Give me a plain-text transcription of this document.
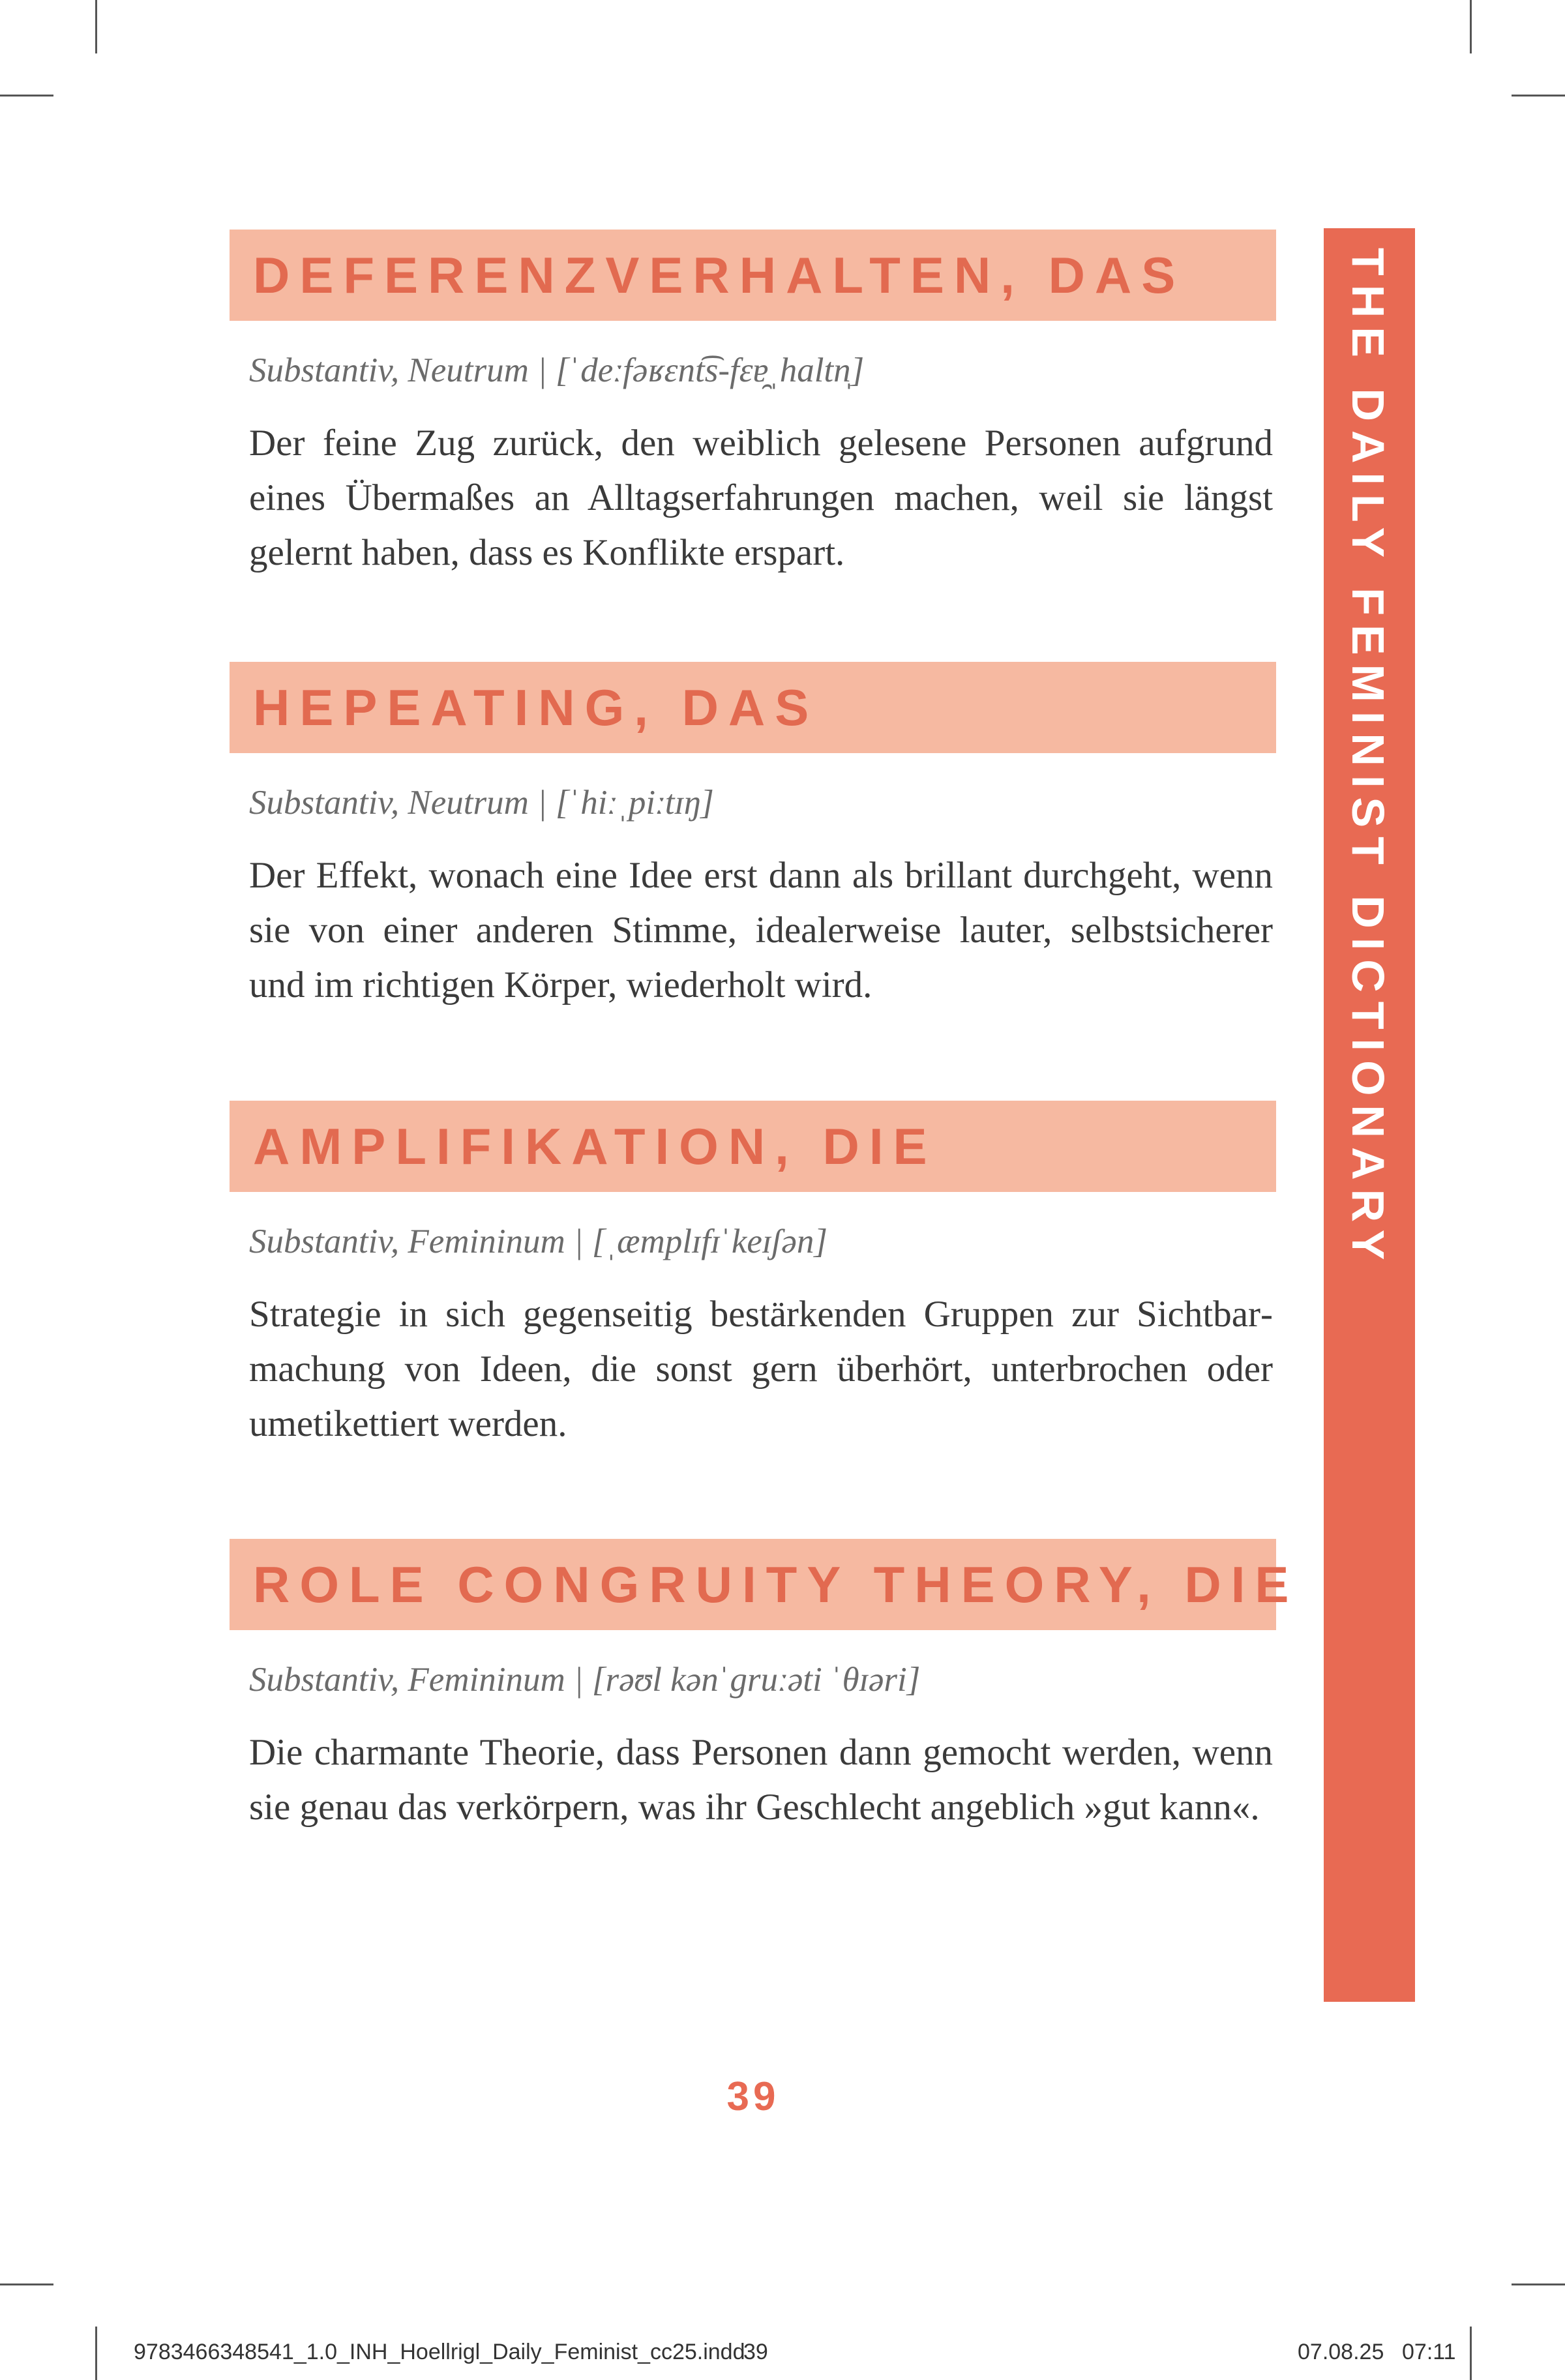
DEFERENZVERHALTEN, DAS
Substantiv, Neutrum | [ˈdeːfəʁɛnt͡s-fɛɐ̯ˌhaltn̩]
Der feine Zug zurück, den weiblich gelesene Personen aufgrund eines Übermaßes an Alltagserfahrungen machen, weil sie längst gelernt haben, dass es Konflikte erspart.
HEPEATING, DAS
Substantiv, Neutrum | [ˈhiːˌpiːtɪŋ]
Der Effekt, wonach eine Idee erst dann als brillant durchgeht, wenn sie von einer anderen Stimme, idealerweise lauter, selbstsicherer und im richtigen Körper, wiederholt wird.
AMPLIFIKATION, DIE
Substantiv, Femininum | [ˌæmplɪfɪˈkeɪʃən]
Strategie in sich gegenseitig bestärkenden Gruppen zur Sichtbarmachung von Ideen, die sonst gern überhört, unterbrochen oder umetikettiert werden.
ROLE CONGRUITY THEORY, DIE
Substantiv, Femininum | [rəʊl kənˈgruːəti ˈθɪəri]
Die charmante Theorie, dass Personen dann gemocht werden, wenn sie genau das verkörpern, was ihr Geschlecht angeblich »gut kann«.
THE DAILY FEMINIST DICTIONARY
39
9783466348541_1.0_INH_Hoellrigl_Daily_Feminist_cc25.indd
39	07.08.25 07:11
